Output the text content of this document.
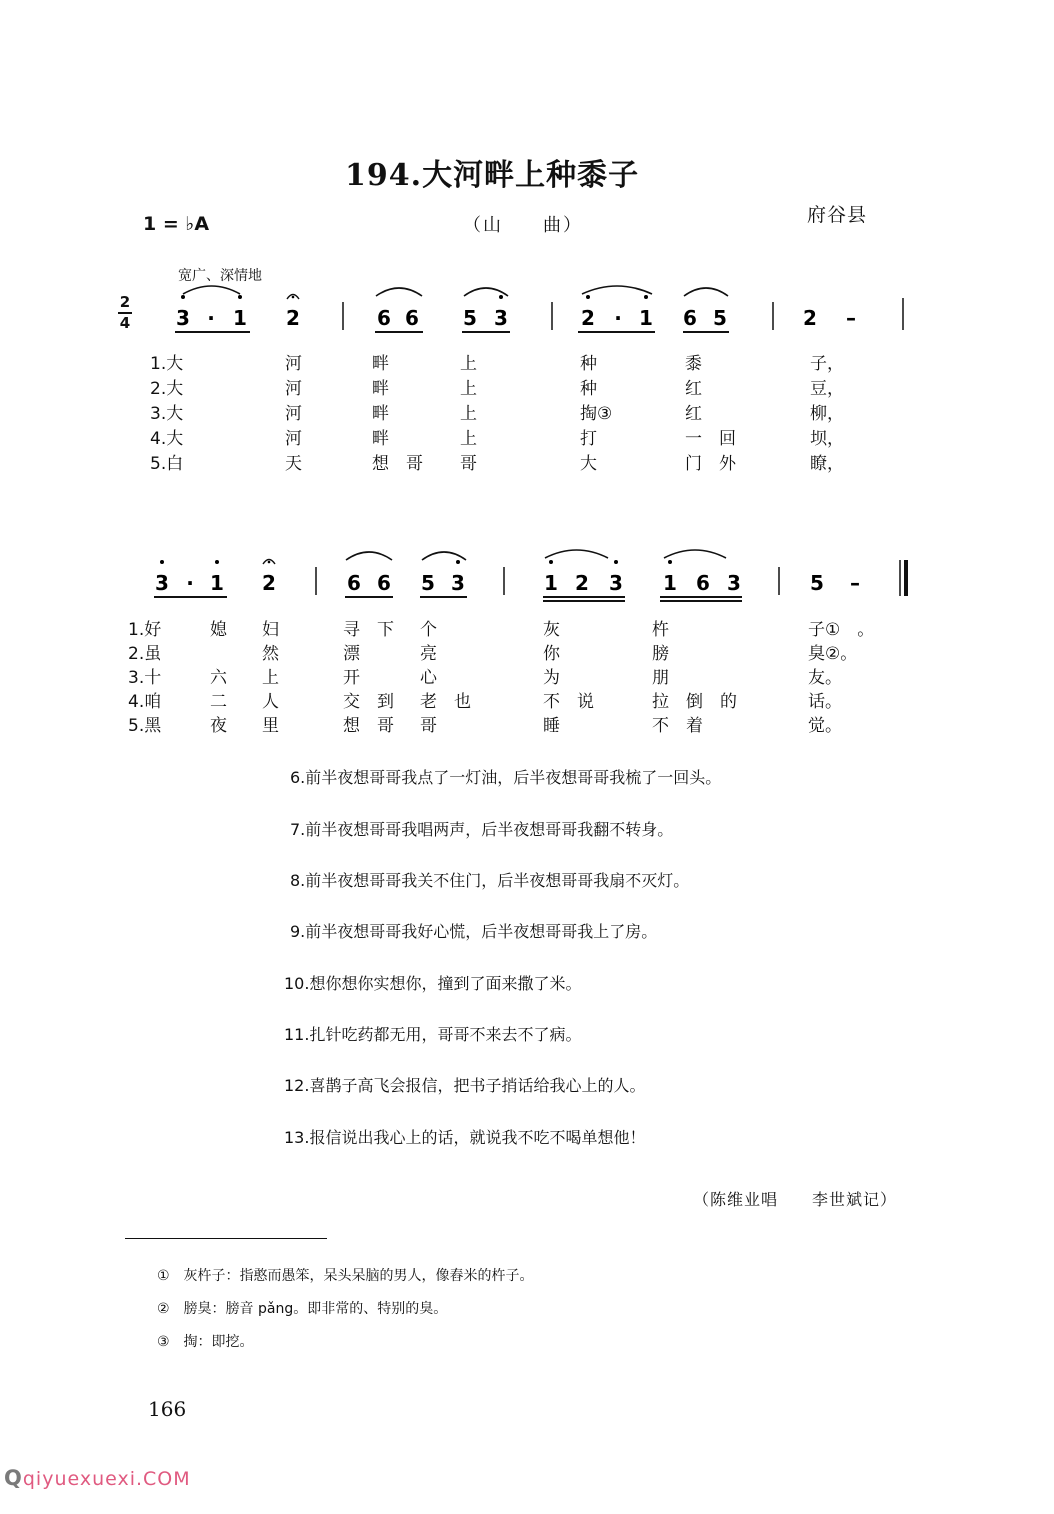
194.大河畔上种黍子
1 = ♭A	（山　　曲）	府谷县
宽广、深情地
2
4 3 · 1 2	6 6 5 3	2 · 1 6 5	2 –
3 · 1 2	6 6 5 3	1 2 3 1 6 3	5 –
1.大	河	畔	上	种	黍	子，
2.大	河	畔	上	种	红	豆，
3.大	河	畔	上	掏③	红	柳，
4.大	河	畔	上	打	一　回	坝，
5.白	天	想　哥 哥	大	门　外	瞭，
1.好	媳 妇	寻　下 个	灰	杵	子①　。
2.虽	然	漂	亮	你	膀	臭②。
3.十	六 上	开	心	为	朋	友。
4.咱	二 人	交　到 老　也	不　说	拉　倒　的	话。
5.黑	夜 里	想　哥 哥	睡	不　着	觉。
6.前半夜想哥哥我点了一灯油，后半夜想哥哥我梳了一回头。
7.前半夜想哥哥我唱两声，后半夜想哥哥我翻不转身。
8.前半夜想哥哥我关不住门，后半夜想哥哥我扇不灭灯。
9.前半夜想哥哥我好心慌，后半夜想哥哥我上了房。
10.想你想你实想你，撞到了面来撒了米。
11.扎针吃药都无用，哥哥不来去不了病。
12.喜鹊子高飞会报信，把书子捎话给我心上的人。
13.报信说出我心上的话，就说我不吃不喝单想他！
（陈维业唱　　李世斌记）
①　灰杵子：指憨而愚笨，呆头呆脑的男人，像舂米的杵子。
②　膀臭：膀音 pǎng。即非常的、特别的臭。
③　掏：即挖。
166
Qqiyuexuexi.COM
